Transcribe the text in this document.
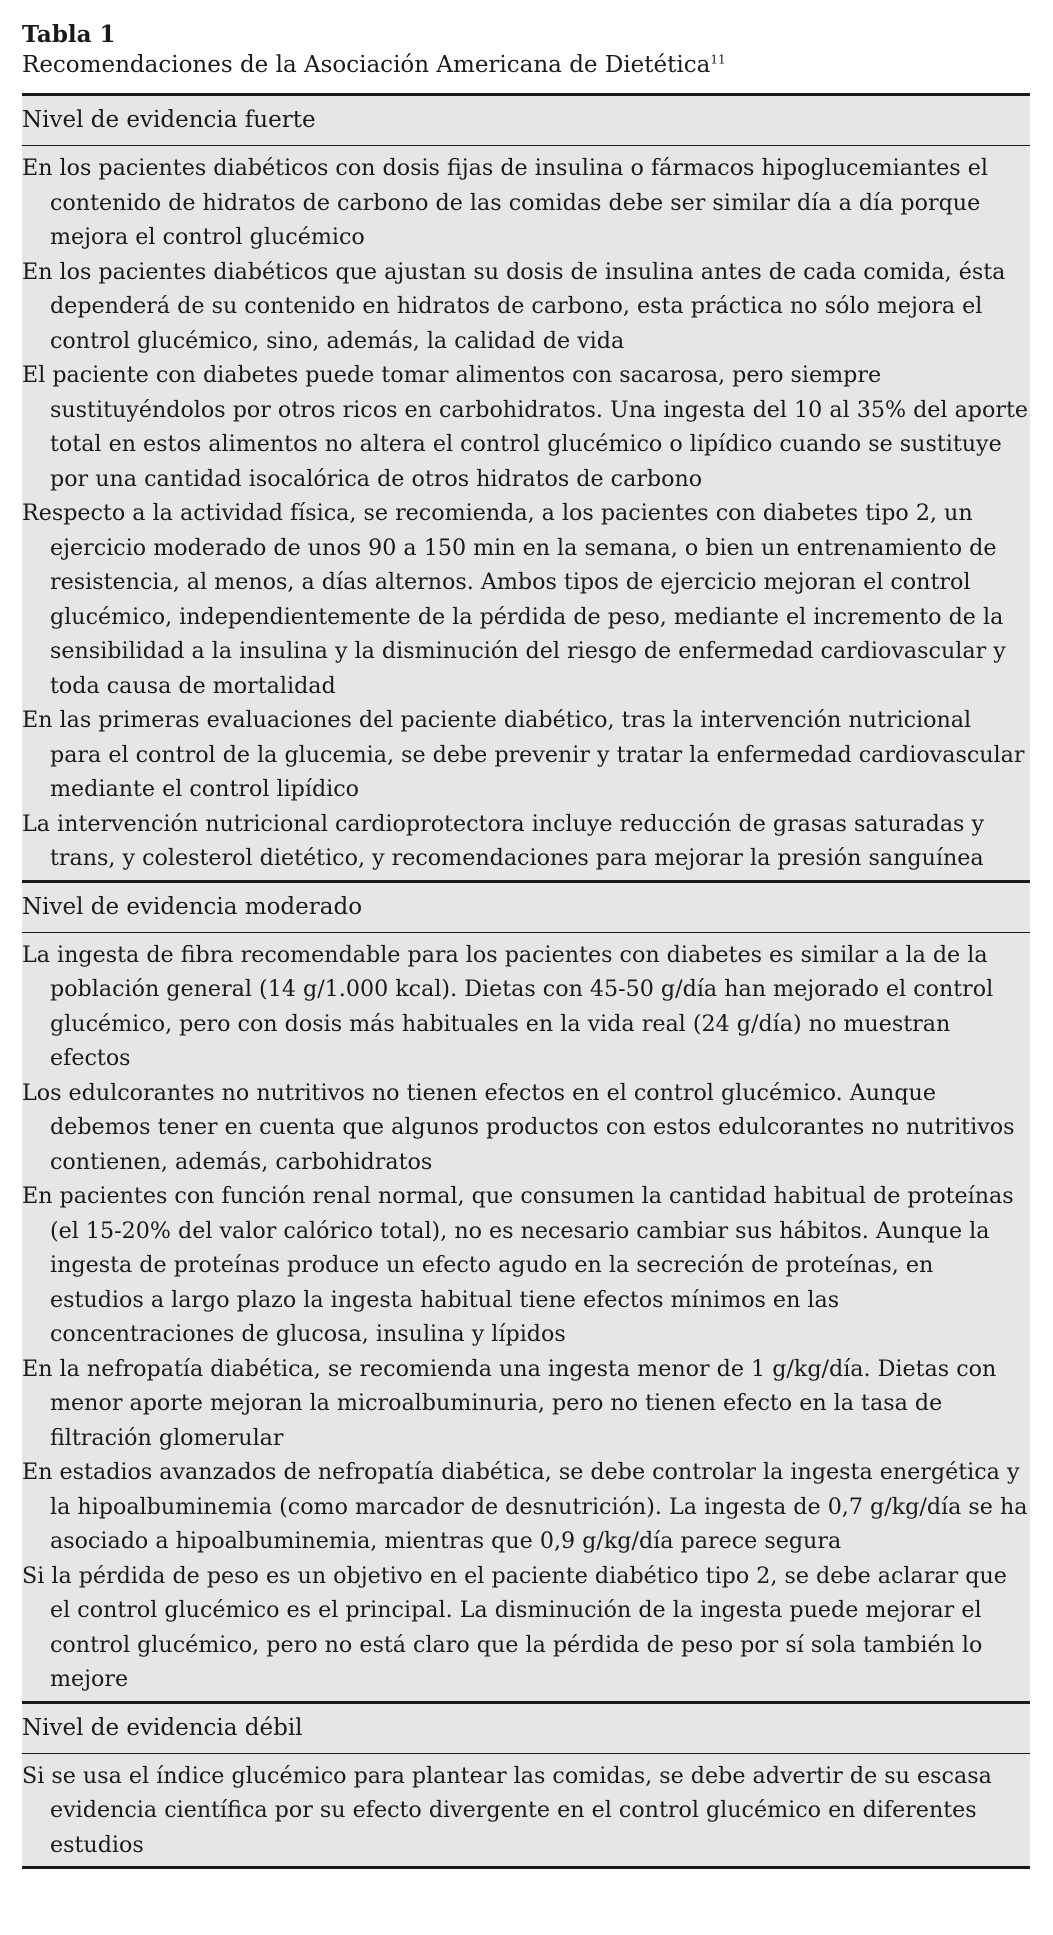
Tabla 1
Recomendaciones de la Asociación Americana de Dietética$^{11}$
Nivel de evidencia fuerte
En los pacientes diabéticos con dosis fijas de insulina o fármacos hipoglucemiantes el contenido de hidratos de carbono de las comidas debe ser similar día a día porque mejora el control glucémico
En los pacientes diabéticos que ajustan su dosis de insulina antes de cada comida, ésta dependerá de su contenido en hidratos de carbono, esta práctica no sólo mejora el control glucémico, sino, además, la calidad de vida
El paciente con diabetes puede tomar alimentos con sacarosa, pero siempre sustituyéndolos por otros ricos en carbohidratos. Una ingesta del 10 al 35% del aporte total en estos alimentos no altera el control glucémico o lipídico cuando se sustituye por una cantidad isocalórica de otros hidratos de carbono
Respecto a la actividad física, se recomienda, a los pacientes con diabetes tipo 2, un ejercicio moderado de unos 90 a 150 min en la semana, o bien un entrenamiento de resistencia, al menos, a días alternos. Ambos tipos de ejercicio mejoran el control glucémico, independientemente de la pérdida de peso, mediante el incremento de la sensibilidad a la insulina y la disminución del riesgo de enfermedad cardiovascular y toda causa de mortalidad
En las primeras evaluaciones del paciente diabético, tras la intervención nutricional para el control de la glucemia, se debe prevenir y tratar la enfermedad cardiovascular mediante el control lipídico
La intervención nutricional cardioprotectora incluye reducción de grasas saturadas y trans, y colesterol dietético, y recomendaciones para mejorar la presión sanguínea
Nivel de evidencia moderado
La ingesta de fibra recomendable para los pacientes con diabetes es similar a la de la población general (14 g/1.000 kcal). Dietas con 45-50 g/día han mejorado el control glucémico, pero con dosis más habituales en la vida real (24 g/día) no muestran efectos
Los edulcorantes no nutritivos no tienen efectos en el control glucémico. Aunque debemos tener en cuenta que algunos productos con estos edulcorantes no nutritivos contienen, además, carbohidratos
En pacientes con función renal normal, que consumen la cantidad habitual de proteínas (el 15-20% del valor calórico total), no es necesario cambiar sus hábitos. Aunque la ingesta de proteínas produce un efecto agudo en la secreción de proteínas, en estudios a largo plazo la ingesta habitual tiene efectos mínimos en las concentraciones de glucosa, insulina y lípidos
En la nefropatía diabética, se recomienda una ingesta menor de 1 g/kg/día. Dietas con menor aporte mejoran la microalbuminuria, pero no tienen efecto en la tasa de filtración glomerular
En estadios avanzados de nefropatía diabética, se debe controlar la ingesta energética y la hipoalbuminemia (como marcador de desnutrición). La ingesta de 0,7 g/kg/día se ha asociado a hipoalbuminemia, mientras que 0,9 g/kg/día parece segura
Si la pérdida de peso es un objetivo en el paciente diabético tipo 2, se debe aclarar que el control glucémico es el principal. La disminución de la ingesta puede mejorar el control glucémico, pero no está claro que la pérdida de peso por sí sola también lo mejore
Nivel de evidencia débil
Si se usa el índice glucémico para plantear las comidas, se debe advertir de su escasa evidencia científica por su efecto divergente en el control glucémico en diferentes estudios
